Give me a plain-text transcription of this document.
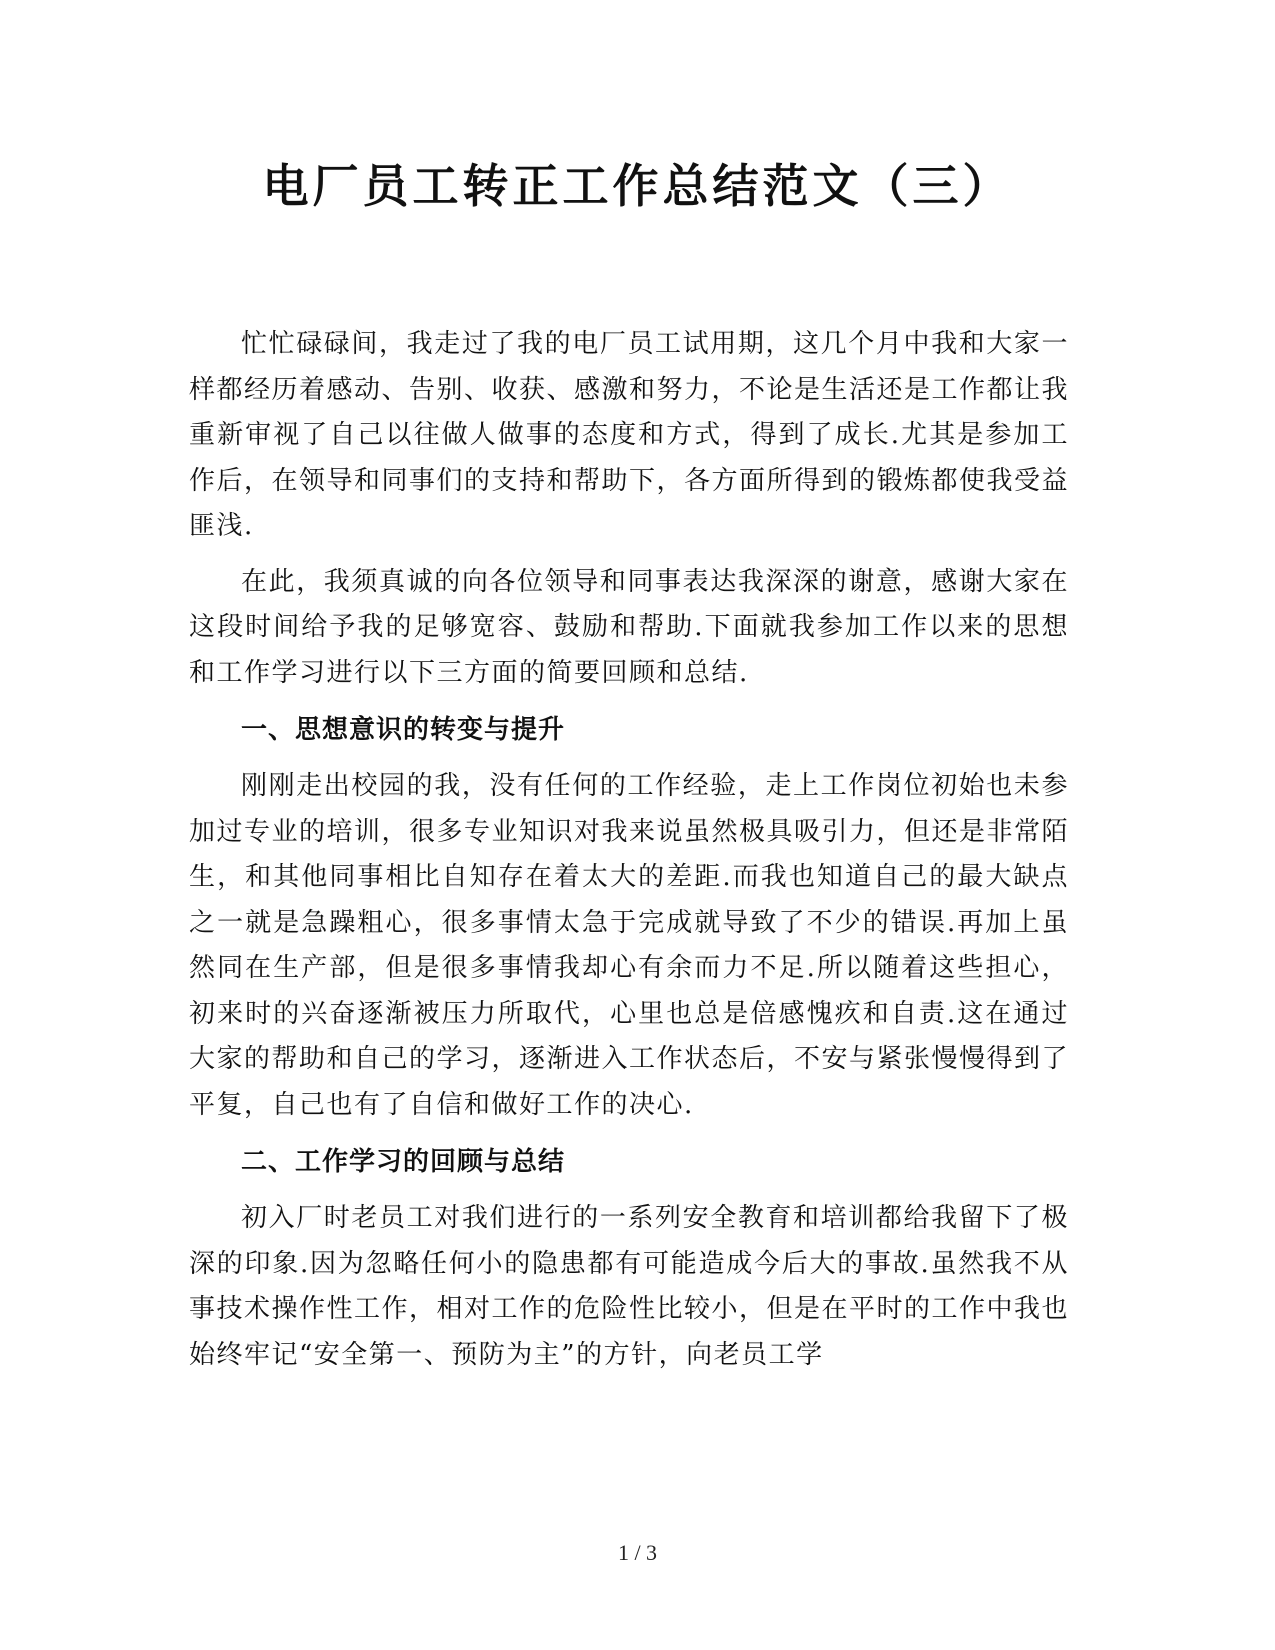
电厂员工转正工作总结范文（三）

忙忙碌碌间，我走过了我的电厂员工试用期，这几个月中我和大家一样都经历着感动、告别、收获、感激和努力，不论是生活还是工作都让我重新审视了自己以往做人做事的态度和方式，得到了成长.尤其是参加工作后，在领导和同事们的支持和帮助下，各方面所得到的锻炼都使我受益匪浅.

在此，我须真诚的向各位领导和同事表达我深深的谢意，感谢大家在这段时间给予我的足够宽容、鼓励和帮助.下面就我参加工作以来的思想和工作学习进行以下三方面的简要回顾和总结.

一、思想意识的转变与提升

刚刚走出校园的我，没有任何的工作经验，走上工作岗位初始也未参加过专业的培训，很多专业知识对我来说虽然极具吸引力，但还是非常陌生，和其他同事相比自知存在着太大的差距.而我也知道自己的最大缺点之一就是急躁粗心，很多事情太急于完成就导致了不少的错误.再加上虽然同在生产部，但是很多事情我却心有余而力不足.所以随着这些担心，初来时的兴奋逐渐被压力所取代，心里也总是倍感愧疚和自责.这在通过大家的帮助和自己的学习，逐渐进入工作状态后，不安与紧张慢慢得到了平复，自己也有了自信和做好工作的决心.

二、工作学习的回顾与总结

初入厂时老员工对我们进行的一系列安全教育和培训都给我留下了极深的印象.因为忽略任何小的隐患都有可能造成今后大的事故.虽然我不从事技术操作性工作，相对工作的危险性比较小，但是在平时的工作中我也始终牢记“安全第一、预防为主”的方针，向老员工学

1 / 3
